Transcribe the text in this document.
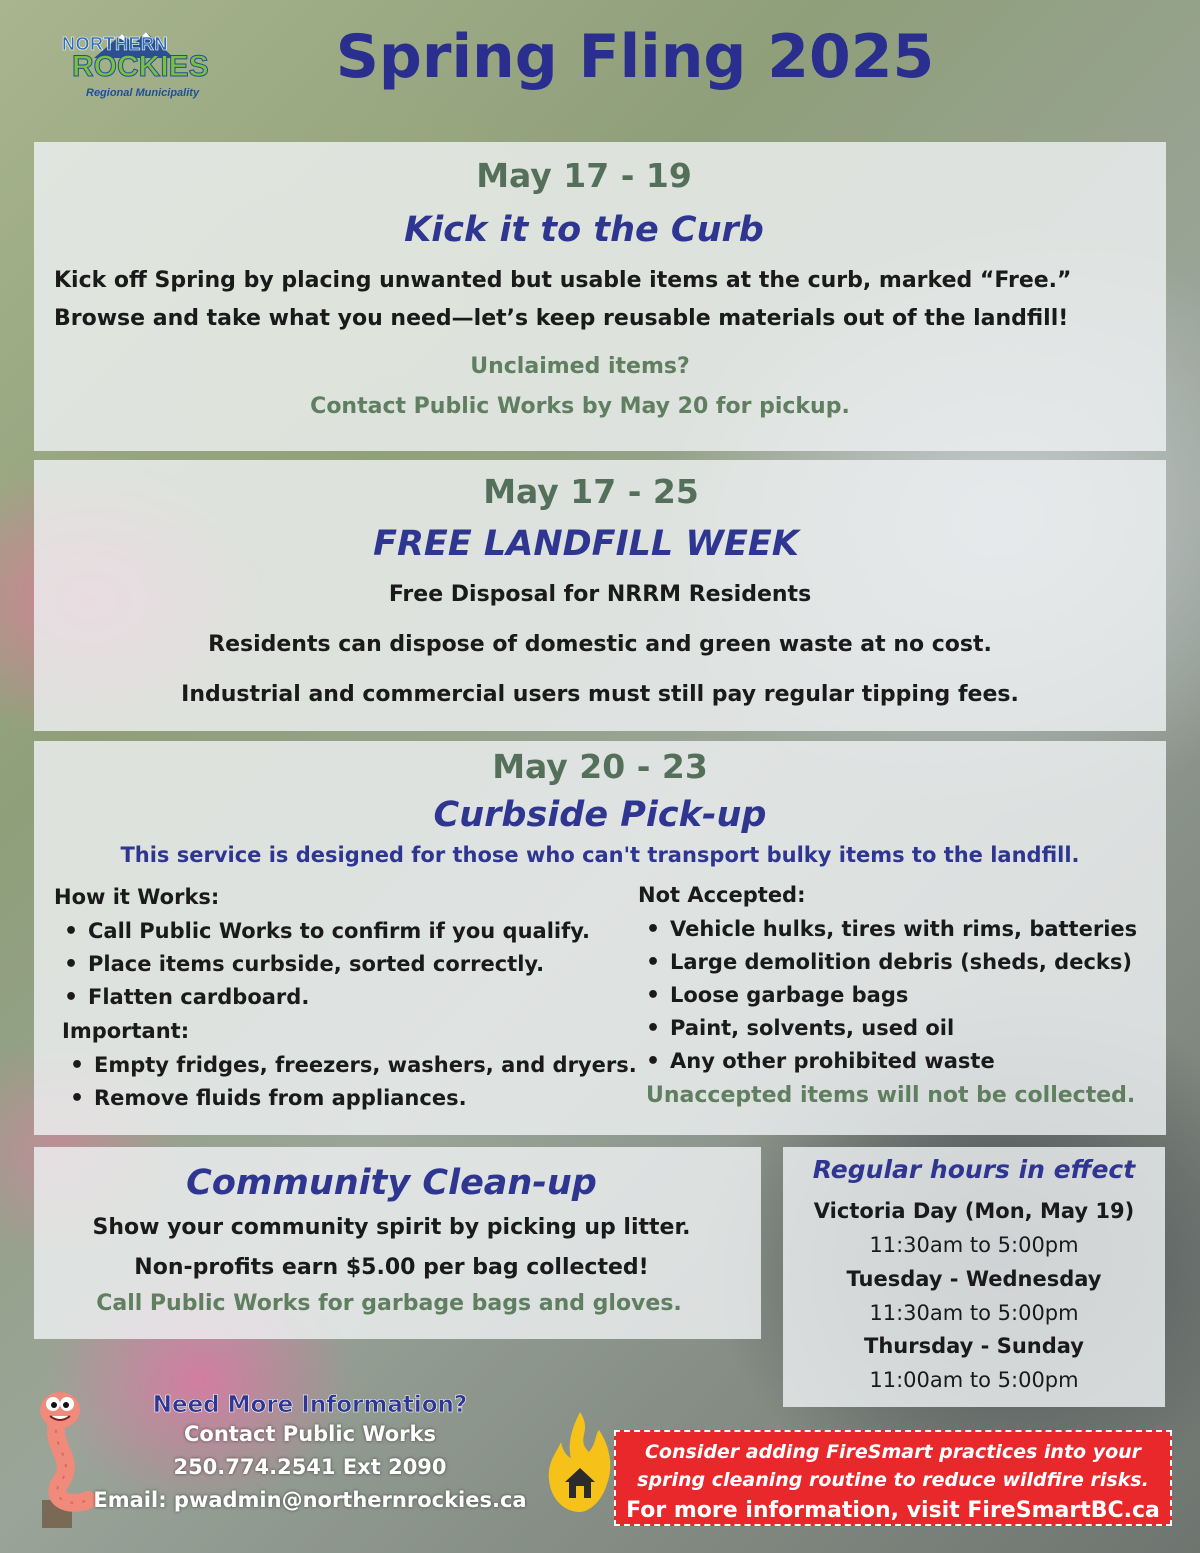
NORTHERN
ROCKIES
Regional Municipality
Spring Fling 2025
May 17 - 19
Kick it to the Curb
Kick off Spring by placing unwanted but usable items at the curb, marked “Free.”
Browse and take what you need—let’s keep reusable materials out of the landfill!
Unclaimed items?
Contact Public Works by May 20 for pickup.
May 17 - 25
FREE LANDFILL WEEK
Free Disposal for NRRM Residents
Residents can dispose of domestic and green waste at no cost.
Industrial and commercial users must still pay regular tipping fees.
May 20 - 23
Curbside Pick-up
This service is designed for those who can't transport bulky items to the landfill.
How it Works:
• Call Public Works to confirm if you qualify.
• Place items curbside, sorted correctly.
• Flatten cardboard.
Important:
• Empty fridges, freezers, washers, and dryers.
• Remove fluids from appliances.
Not Accepted:
• Vehicle hulks, tires with rims, batteries
• Large demolition debris (sheds, decks)
• Loose garbage bags
• Paint, solvents, used oil
• Any other prohibited waste
Unaccepted items will not be collected.
Community Clean-up
Show your community spirit by picking up litter.
Non-profits earn $5.00 per bag collected!
Call Public Works for garbage bags and gloves.
Regular hours in effect
Victoria Day (Mon, May 19)
11:30am to 5:00pm
Tuesday - Wednesday
11:30am to 5:00pm
Thursday - Sunday
11:00am to 5:00pm
Need More Information?
Contact Public Works
250.774.2541 Ext 2090
Email: pwadmin@northernrockies.ca
Consider adding FireSmart practices into your
spring cleaning routine to reduce wildfire risks.
For more information, visit FireSmartBC.ca
